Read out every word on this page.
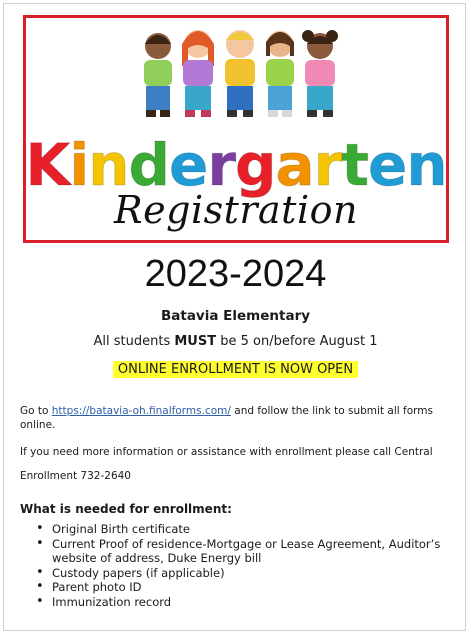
K i n d e r g a r t e n
Registration
2023-2024
Batavia Elementary
All students MUST be 5 on/before August 1
ONLINE ENROLLMENT IS NOW OPEN
Go to https://batavia-oh.finalforms.com/ and follow the link to submit all forms online.
If you need more information or assistance with enrollment please call Central
Enrollment 732-2640
What is needed for enrollment:
• Original Birth certificate
• Current Proof of residence-Mortgage or Lease Agreement, Auditor’s website of address, Duke Energy bill
• Custody papers (if applicable)
• Parent photo ID
• Immunization record
